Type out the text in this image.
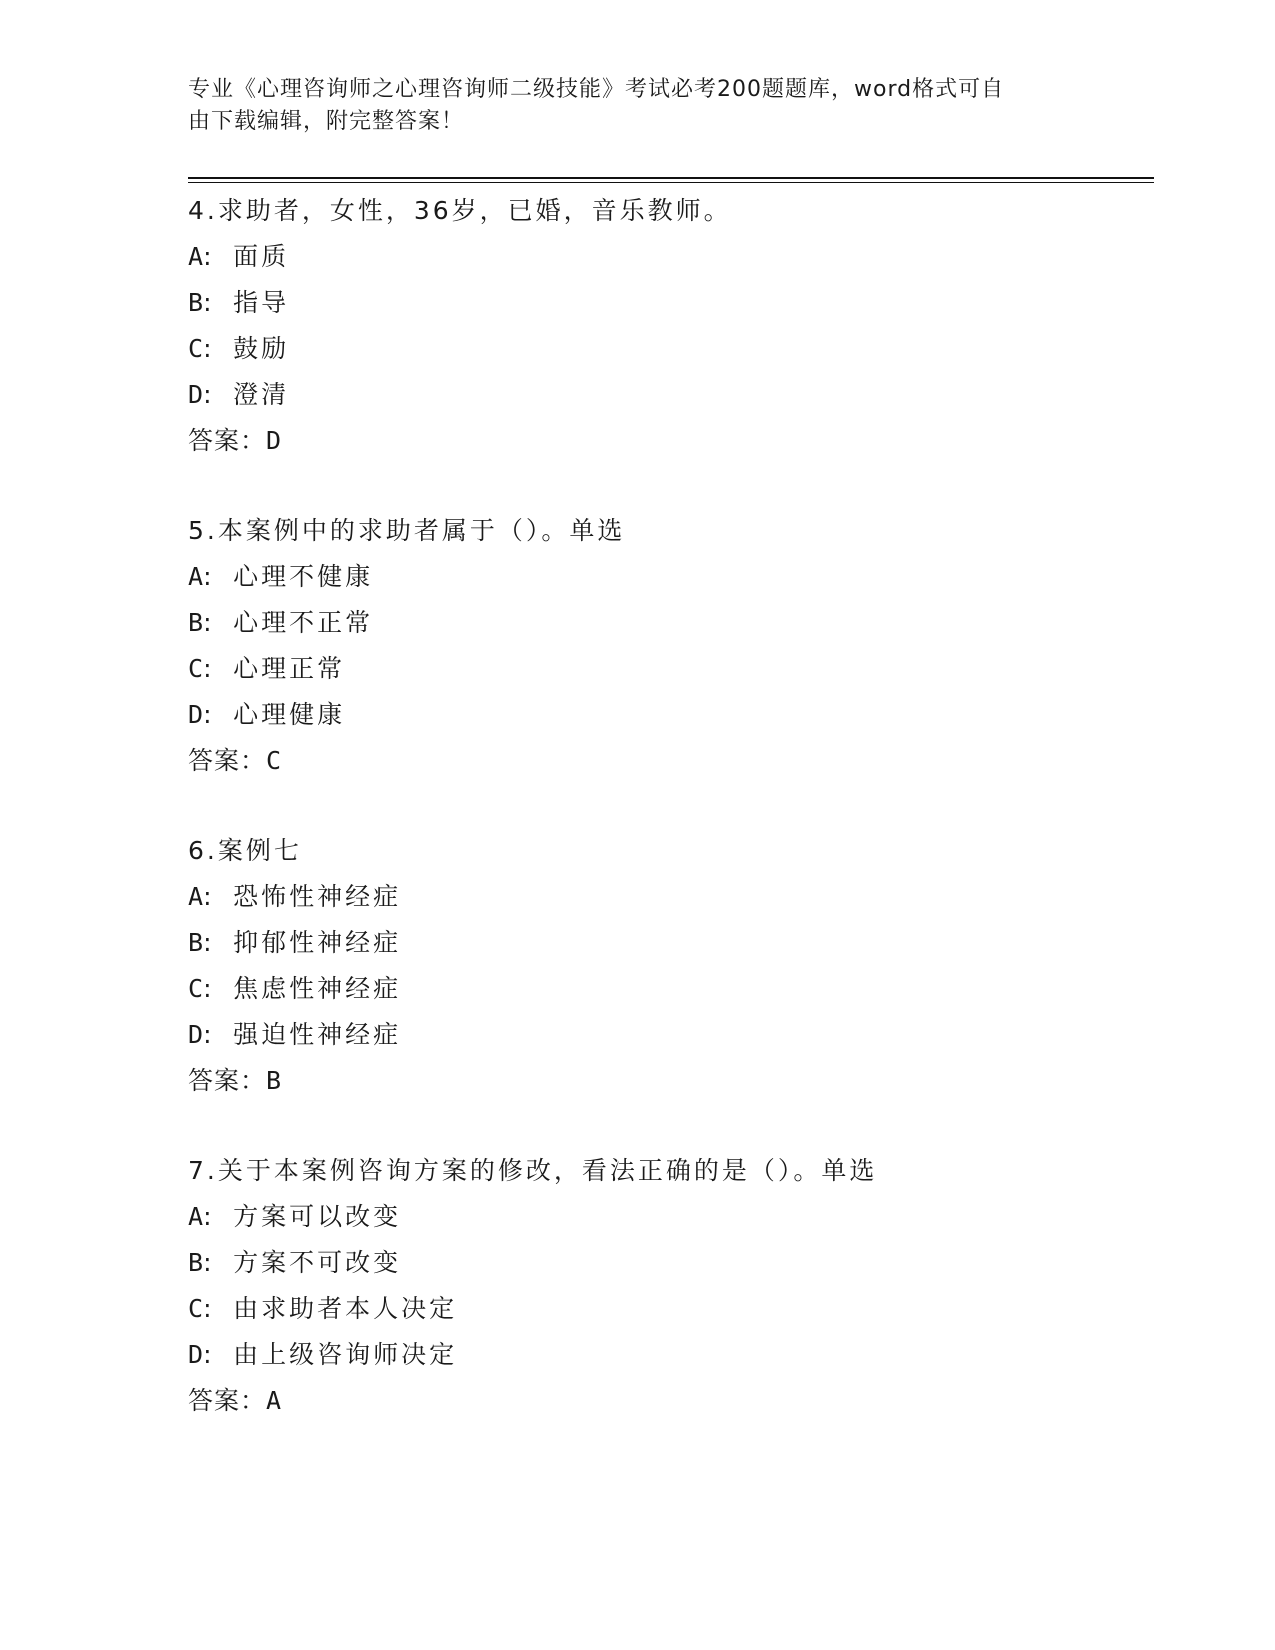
专业《心理咨询师之心理咨询师二级技能》考试必考200题题库，word格式可自
由下载编辑，附完整答案！
4.求助者，女性，36岁，已婚，音乐教师。
A: 面质
B: 指导
C: 鼓励
D: 澄清
答案：D
5.本案例中的求助者属于（）。单选
A: 心理不健康
B: 心理不正常
C: 心理正常
D: 心理健康
答案：C
6.案例七
A: 恐怖性神经症
B: 抑郁性神经症
C: 焦虑性神经症
D: 强迫性神经症
答案：B
7.关于本案例咨询方案的修改，看法正确的是（）。单选
A: 方案可以改变
B: 方案不可改变
C: 由求助者本人决定
D: 由上级咨询师决定
答案：A
